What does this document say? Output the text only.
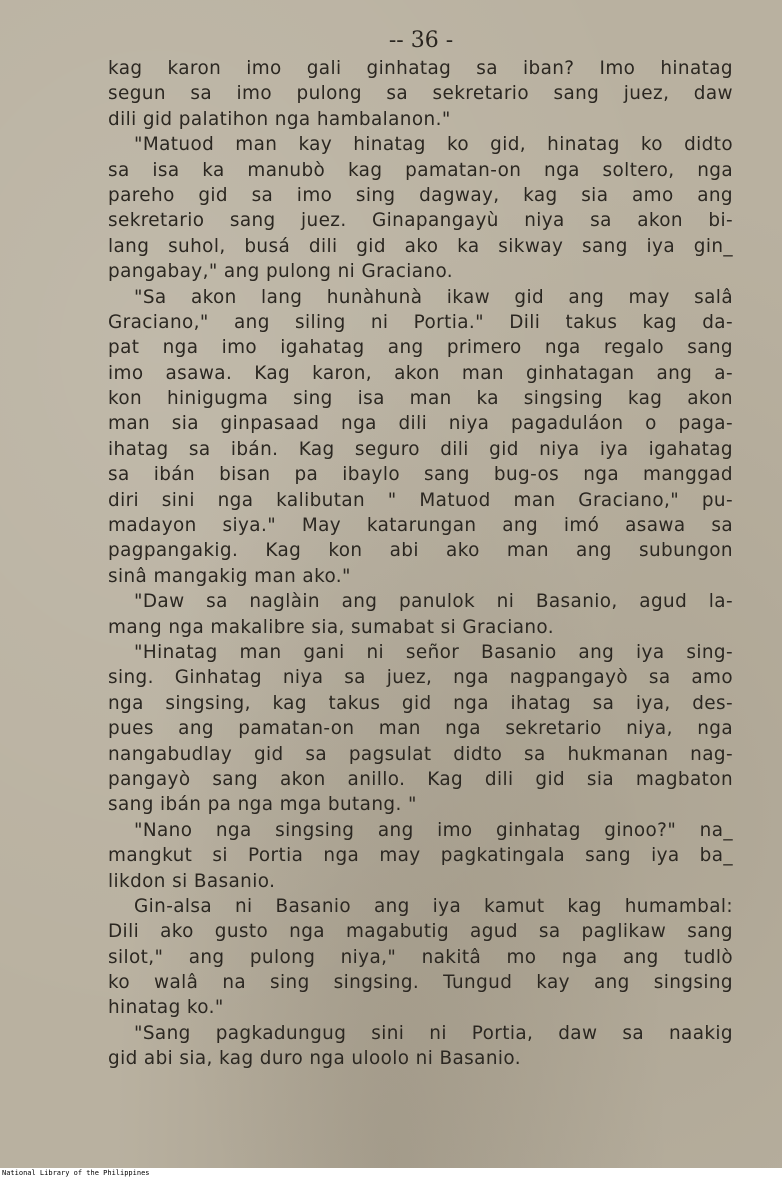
-- 36 -
kag karon imo gali ginhatag sa iban? Imo hinatag
segun sa imo pulong sa sekretario sang juez, daw
dili gid palatihon nga hambalanon."
"Matuod man kay hinatag ko gid, hinatag ko didto
sa isa ka manubò kag pamatan-on nga soltero, nga
pareho gid sa imo sing dagway, kag sia amo ang
sekretario sang juez. Ginapangayù niya sa akon bi-
lang suhol, busá dili gid ako ka sikway sang iya gin_
pangabay," ang pulong ni Graciano.
"Sa akon lang hunàhunà ikaw gid ang may salâ
Graciano," ang siling ni Portia." Dili takus kag da-
pat nga imo igahatag ang primero nga regalo sang
imo asawa. Kag karon, akon man ginhatagan ang a-
kon hinigugma sing isa man ka singsing kag akon
man sia ginpasaad nga dili niya pagaduláon o paga-
ihatag sa ibán. Kag seguro dili gid niya iya igahatag
sa ibán bisan pa ibaylo sang bug-os nga manggad
diri sini nga kalibutan " Matuod man Graciano," pu-
madayon siya." May katarungan ang imó asawa sa
pagpangakig. Kag kon abi ako man ang subungon
sinâ mangakig man ako."
"Daw sa naglàin ang panulok ni Basanio, agud la-
mang nga makalibre sia, sumabat si Graciano.
"Hinatag man gani ni señor Basanio ang iya sing-
sing. Ginhatag niya sa juez, nga nagpangayò sa amo
nga singsing, kag takus gid nga ihatag sa iya, des-
pues ang pamatan-on man nga sekretario niya, nga
nangabudlay gid sa pagsulat didto sa hukmanan nag-
pangayò sang akon anillo. Kag dili gid sia magbaton
sang ibán pa nga mga butang. "
"Nano nga singsing ang imo ginhatag ginoo?" na_
mangkut si Portia nga may pagkatingala sang iya ba_
likdon si Basanio.
Gin-alsa ni Basanio ang iya kamut kag humambal:
Dili ako gusto nga magabutig agud sa paglikaw sang
silot," ang pulong niya," nakitâ mo nga ang tudlò
ko walâ na sing singsing. Tungud kay ang singsing
hinatag ko."
"Sang pagkadungug sini ni Portia, daw sa naakig
gid abi sia, kag duro nga uloolo ni Basanio.
National Library of the Philippines
